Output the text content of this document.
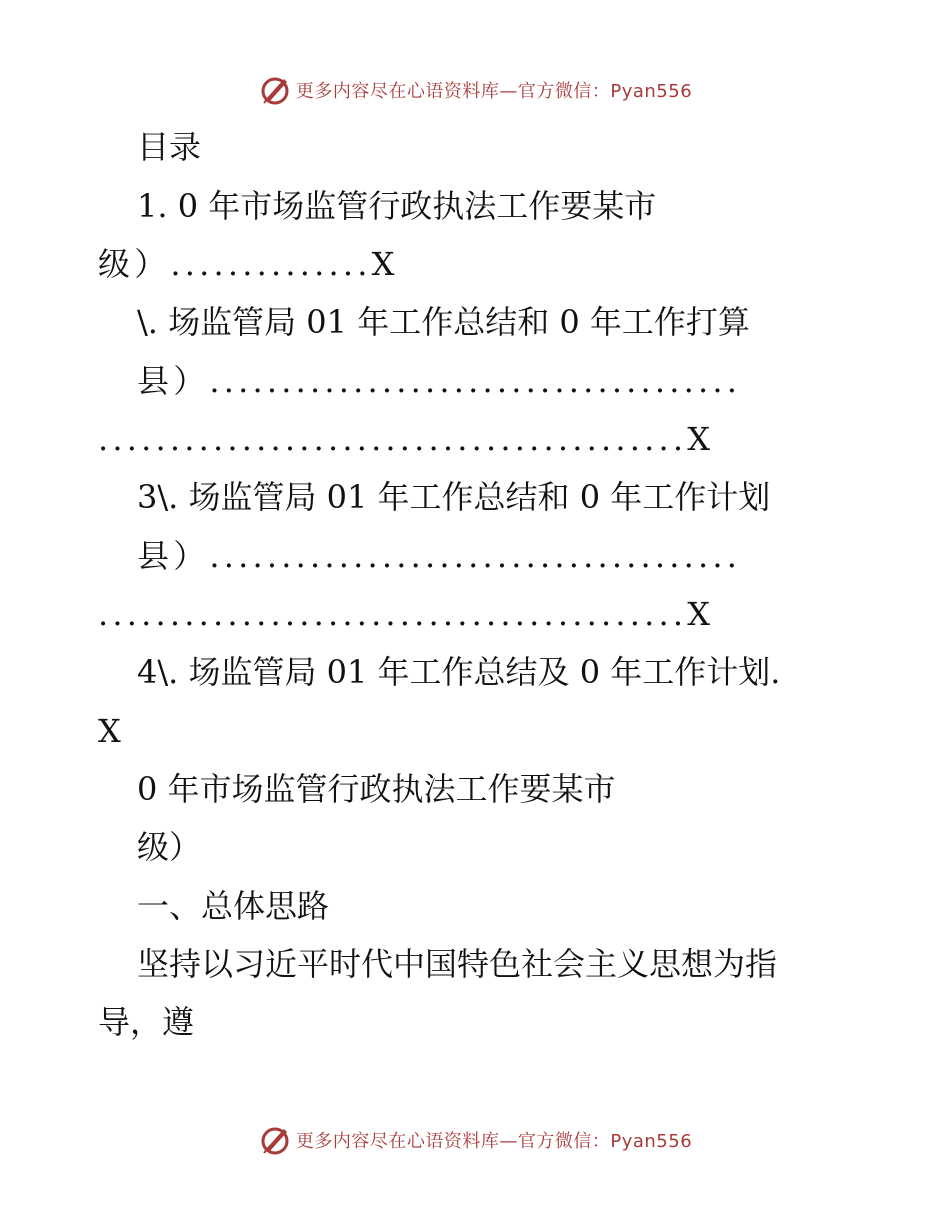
更多内容尽在心语资料库—官方微信：Pyan556
目录
1. 0 年市场监管行政执法工作要某市
级）..............X
\. 场监管局 01 年工作总结和 0 年工作打算
县）.....................................
.........................................X
3\. 场监管局 01 年工作总结和 0 年工作计划
县）.....................................
.........................................X
4\. 场监管局 01 年工作总结及 0 年工作计划.
X
0 年市场监管行政执法工作要某市
级）
一、总体思路
坚持以习近平时代中国特色社会主义思想为指
导，遵
更多内容尽在心语资料库—官方微信：Pyan556
